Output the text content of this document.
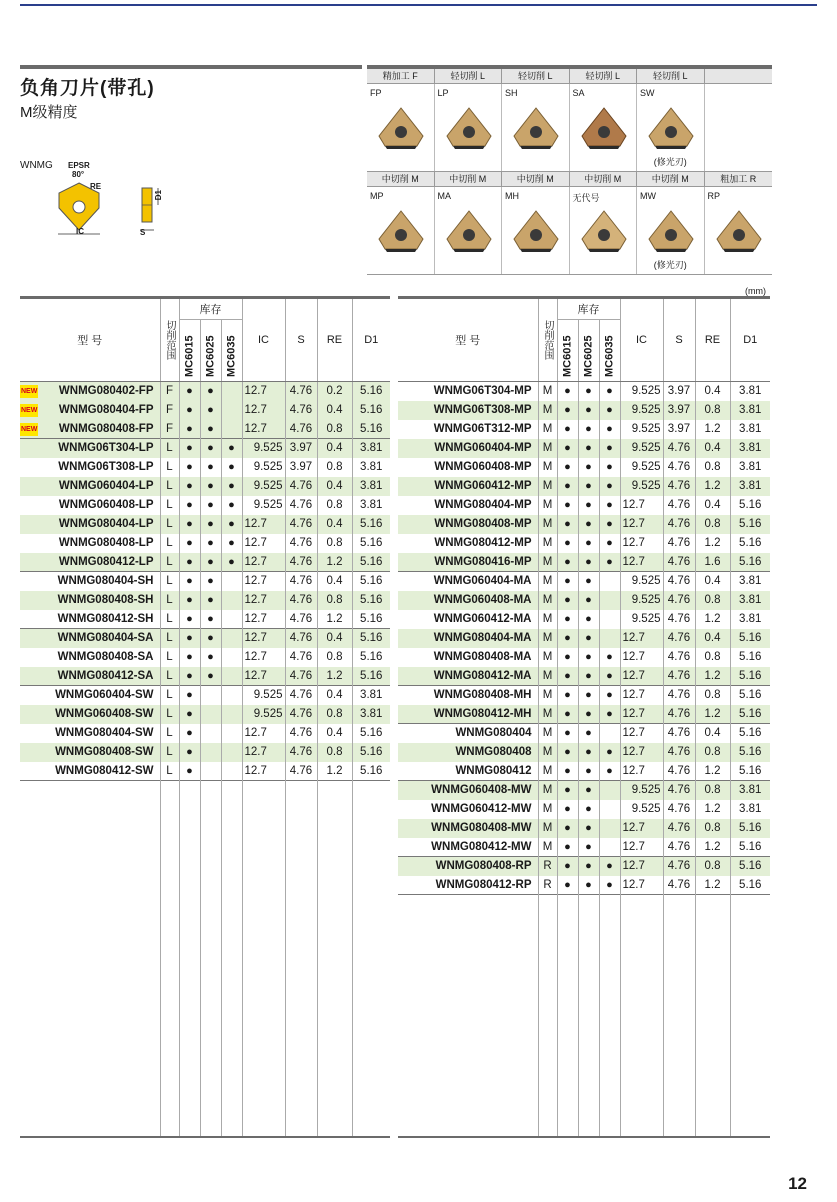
负角刀片(带孔)
M级精度
WNMG EPSR
80°
RE
IC	S
D1
精加工 F	轻切削 L	轻切削 L	轻切削 L	轻切削 L
FP	LP	SH	SA	SW
(修光刃)
中切削 M	中切削 M	中切削 M	中切削 M	中切削 M	粗加工 R
MP	MA	MH	无代号	MW
(修光刃)
RP
(mm)
型 号	切削范围	库存			IC	S	RE	D1
		MC6015	MC6025	MC6035				

NEW WNMG080402-FP	F	●	●		12.7	4.76	0.2	5.16

NEW WNMG080404-FP	F	●	●		12.7	4.76	0.4	5.16

NEW WNMG080408-FP	F	●	●		12.7	4.76	0.8	5.16
WNMG06T304-LP	L	●	●	●	9.525	3.97	0.4	3.81
WNMG06T308-LP	L	●	●	●	9.525	3.97	0.8	3.81
WNMG060404-LP	L	●	●	●	9.525	4.76	0.4	3.81
WNMG060408-LP	L	●	●	●	9.525	4.76	0.8	3.81
WNMG080404-LP	L	●	●	●	12.7	4.76	0.4	5.16
WNMG080408-LP	L	●	●	●	12.7	4.76	0.8	5.16
WNMG080412-LP	L	●	●	●	12.7	4.76	1.2	5.16
WNMG080404-SH	L	●	●		12.7	4.76	0.4	5.16
WNMG080408-SH	L	●	●		12.7	4.76	0.8	5.16
WNMG080412-SH	L	●	●		12.7	4.76	1.2	5.16
WNMG080404-SA	L	●	●		12.7	4.76	0.4	5.16
WNMG080408-SA	L	●	●		12.7	4.76	0.8	5.16
WNMG080412-SA	L	●	●		12.7	4.76	1.2	5.16
WNMG060404-SW	L	●			9.525	4.76	0.4	3.81
WNMG060408-SW	L	●			9.525	4.76	0.8	3.81
WNMG080404-SW	L	●			12.7	4.76	0.4	5.16
WNMG080408-SW	L	●			12.7	4.76	0.8	5.16
WNMG080412-SW	L	●			12.7	4.76	1.2	5.16

型 号	切削范围	库存			IC	S	RE	D1
		MC6015	MC6025	MC6035				
WNMG06T304-MP	M	●	●	●	9.525	3.97	0.4	3.81
WNMG06T308-MP	M	●	●	●	9.525	3.97	0.8	3.81
WNMG06T312-MP	M	●	●	●	9.525	3.97	1.2	3.81
WNMG060404-MP	M	●	●	●	9.525	4.76	0.4	3.81
WNMG060408-MP	M	●	●	●	9.525	4.76	0.8	3.81
WNMG060412-MP	M	●	●	●	9.525	4.76	1.2	3.81
WNMG080404-MP	M	●	●	●	12.7	4.76	0.4	5.16
WNMG080408-MP	M	●	●	●	12.7	4.76	0.8	5.16
WNMG080412-MP	M	●	●	●	12.7	4.76	1.2	5.16
WNMG080416-MP	M	●	●	●	12.7	4.76	1.6	5.16
WNMG060404-MA	M	●	●		9.525	4.76	0.4	3.81
WNMG060408-MA	M	●	●		9.525	4.76	0.8	3.81
WNMG060412-MA	M	●	●		9.525	4.76	1.2	3.81
WNMG080404-MA	M	●	●		12.7	4.76	0.4	5.16
WNMG080408-MA	M	●	●	●	12.7	4.76	0.8	5.16
WNMG080412-MA	M	●	●	●	12.7	4.76	1.2	5.16
WNMG080408-MH	M	●	●	●	12.7	4.76	0.8	5.16
WNMG080412-MH	M	●	●	●	12.7	4.76	1.2	5.16
WNMG080404	M	●	●		12.7	4.76	0.4	5.16
WNMG080408	M	●	●	●	12.7	4.76	0.8	5.16
WNMG080412	M	●	●	●	12.7	4.76	1.2	5.16
WNMG060408-MW	M	●	●		9.525	4.76	0.8	3.81
WNMG060412-MW	M	●	●		9.525	4.76	1.2	3.81
WNMG080408-MW	M	●	●		12.7	4.76	0.8	5.16
WNMG080412-MW	M	●	●		12.7	4.76	1.2	5.16
WNMG080408-RP	R	●	●	●	12.7	4.76	0.8	5.16
WNMG080412-RP	R	●	●	●	12.7	4.76	1.2	5.16

12
